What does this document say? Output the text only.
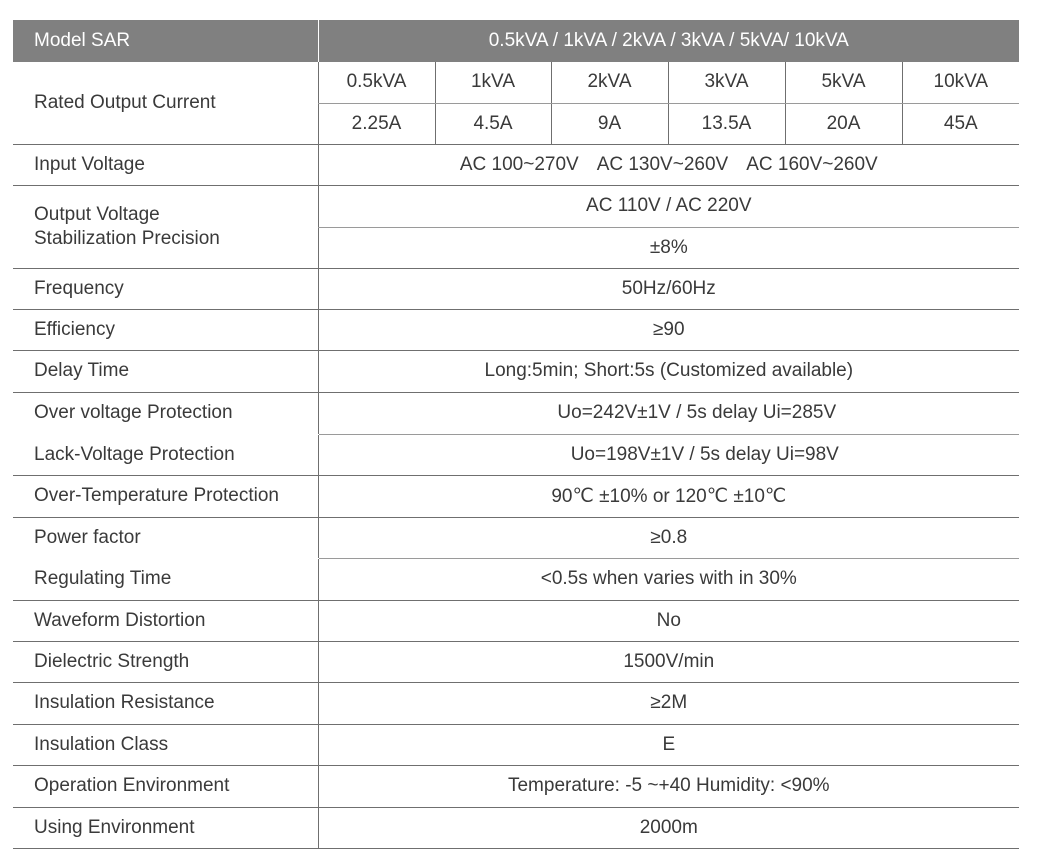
Model SAR	0.5kVA / 1kVA / 2kVA / 3kVA / 5kVA/ 10kVA					
Rated Output Current	0.5kVA	1kVA	2kVA	3kVA	5kVA	10kVA
	2.25A	4.5A	9A	13.5A	20A	45A
Input Voltage	AC 100~270V AC 130V~260V AC 160V~260V					

Output Voltage
Stabilization Precision	AC 110V / AC 220V					
	±8%					
Frequency	50Hz/60Hz					
Efficiency	≥90					
Delay Time	Long:5min; Short:5s (Customized available)					
Over voltage Protection	Uo=242V±1V / 5s delay Ui=285V					
Lack-Voltage Protection	Uo=198V±1V / 5s delay Ui=98V					
Over-Temperature Protection	90℃ ±10% or 120℃ ±10℃					
Power factor	≥0.8					
Regulating Time	<0.5s when varies with in 30%					
Waveform Distortion	No					
Dielectric Strength	1500V/min					
Insulation Resistance	≥2M					
Insulation Class	E					
Operation Environment	Temperature: -5 ~+40 Humidity: <90%					
Using Environment	2000m					
